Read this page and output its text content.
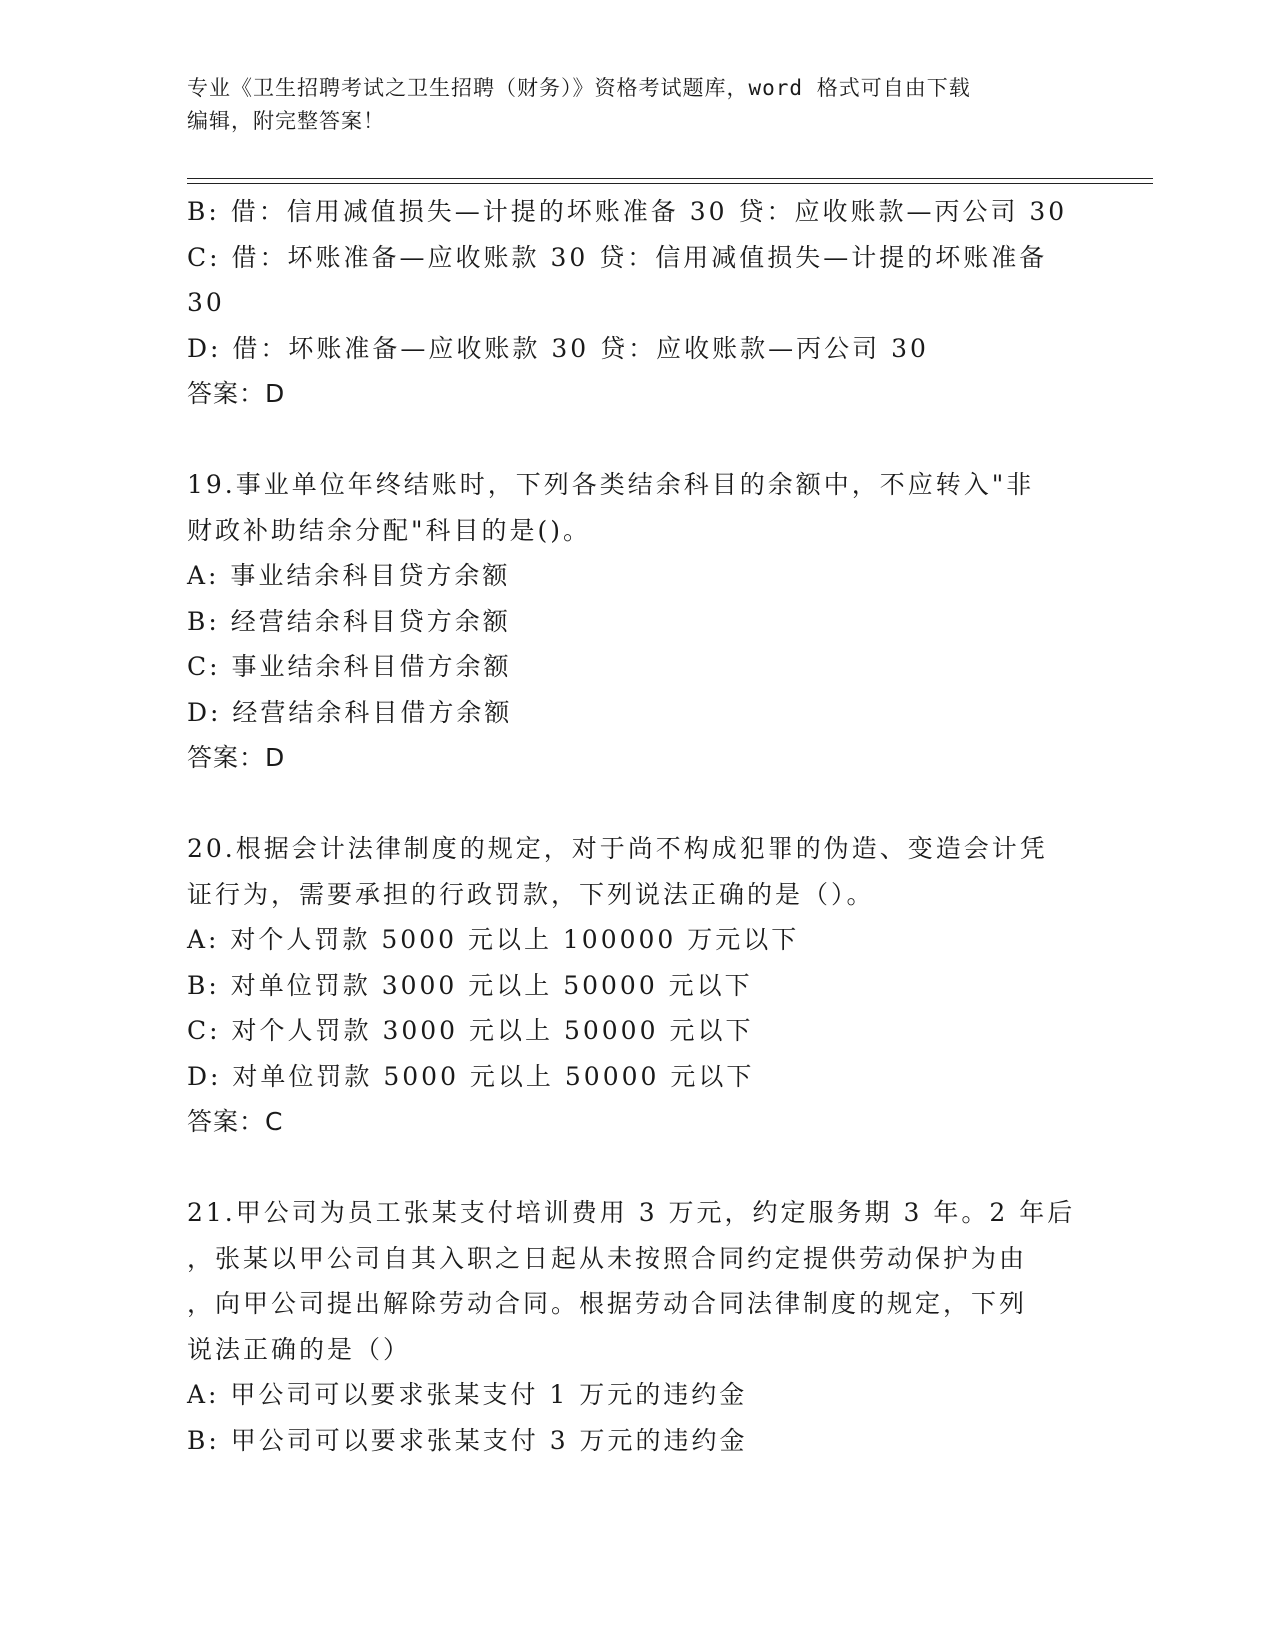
专业《卫生招聘考试之卫生招聘（财务）》资格考试题库，word 格式可自由下载
编辑，附完整答案！
B: 借：信用减值损失—计提的坏账准备 30 贷：应收账款—丙公司 30
C: 借：坏账准备—应收账款 30 贷：信用减值损失—计提的坏账准备
30
D: 借：坏账准备—应收账款 30 贷：应收账款—丙公司 30
答案：D
19.事业单位年终结账时，下列各类结余科目的余额中，不应转入"非
财政补助结余分配"科目的是()。
A: 事业结余科目贷方余额
B: 经营结余科目贷方余额
C: 事业结余科目借方余额
D: 经营结余科目借方余额
答案：D
20.根据会计法律制度的规定，对于尚不构成犯罪的伪造、变造会计凭
证行为，需要承担的行政罚款，下列说法正确的是（）。
A: 对个人罚款 5000 元以上 100000 万元以下
B: 对单位罚款 3000 元以上 50000 元以下
C: 对个人罚款 3000 元以上 50000 元以下
D: 对单位罚款 5000 元以上 50000 元以下
答案：C
21.甲公司为员工张某支付培训费用 3 万元，约定服务期 3 年。2 年后
，张某以甲公司自其入职之日起从未按照合同约定提供劳动保护为由
，向甲公司提出解除劳动合同。根据劳动合同法律制度的规定，下列
说法正确的是（）
A: 甲公司可以要求张某支付 1 万元的违约金
B: 甲公司可以要求张某支付 3 万元的违约金
